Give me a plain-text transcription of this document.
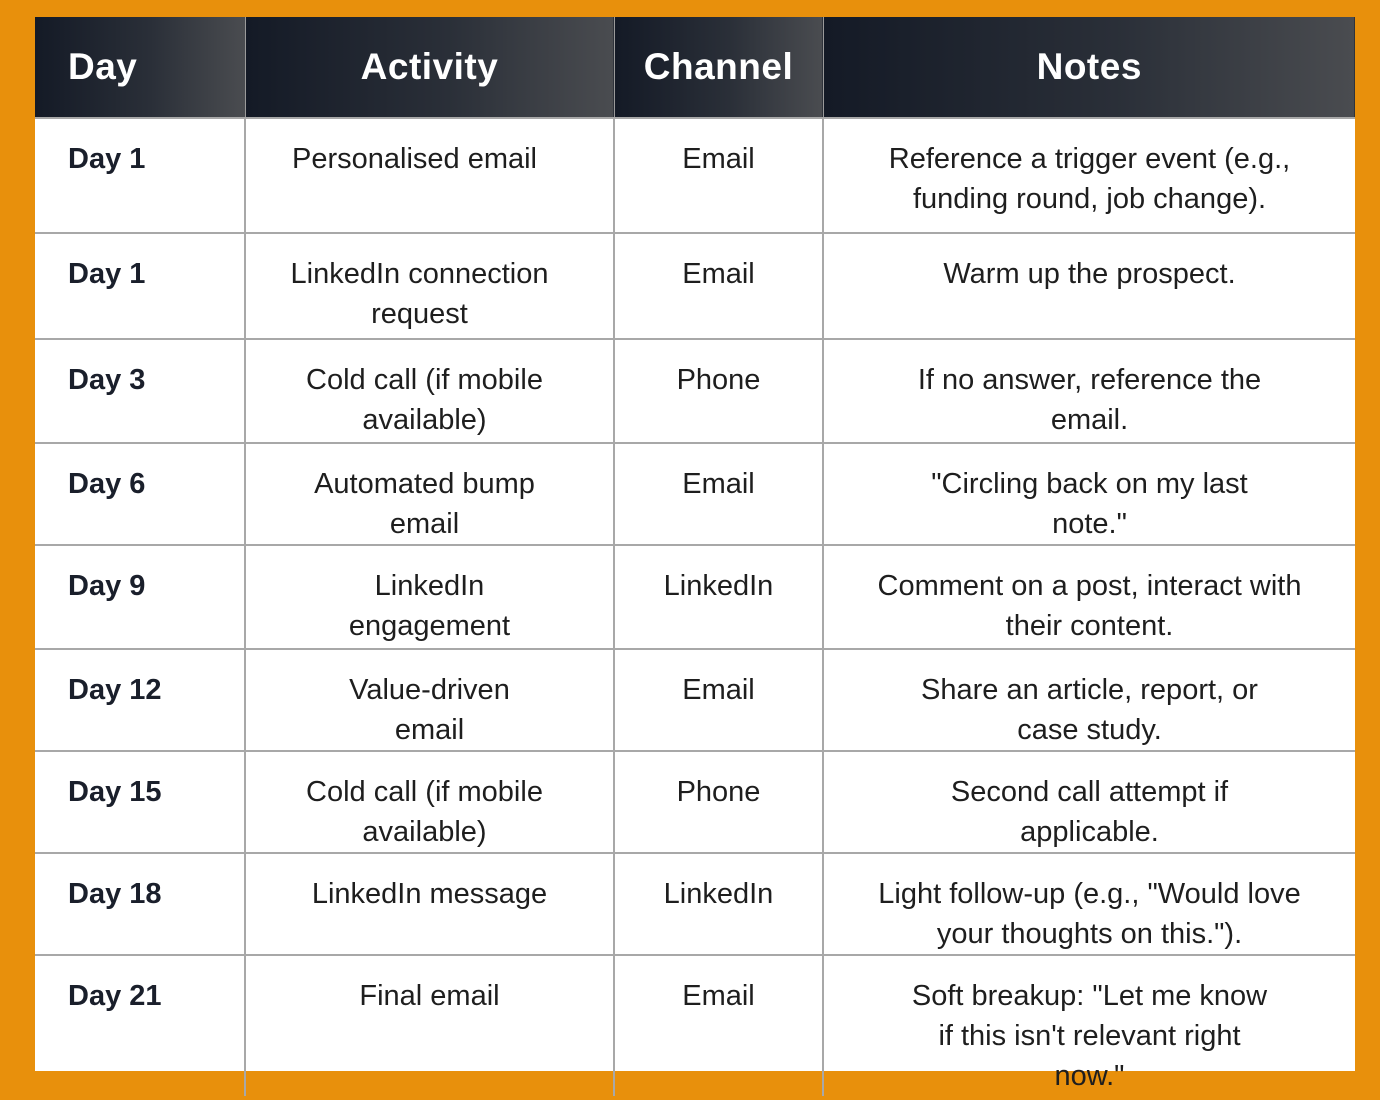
Day	Activity	Channel	Notes
Day 1	Personalised email	Email	Reference a trigger event (e.g., funding round, job change).
Day 1	LinkedIn connection request	Email	Warm up the prospect.
Day 3	Cold call (if mobile available)	Phone	If no answer, reference the email.
Day 6	Automated bump email	Email	"Circling back on my last note."
Day 9	LinkedIn engagement	LinkedIn	Comment on a post, interact with their content.
Day 12	Value-driven email	Email	Share an article, report, or case study.
Day 15	Cold call (if mobile available)	Phone	Second call attempt if applicable.
Day 18	LinkedIn message	LinkedIn	Light follow-up (e.g., "Would love your thoughts on this.").
Day 21	Final email	Email	Soft breakup: "Let me know if this isn't relevant right now."
